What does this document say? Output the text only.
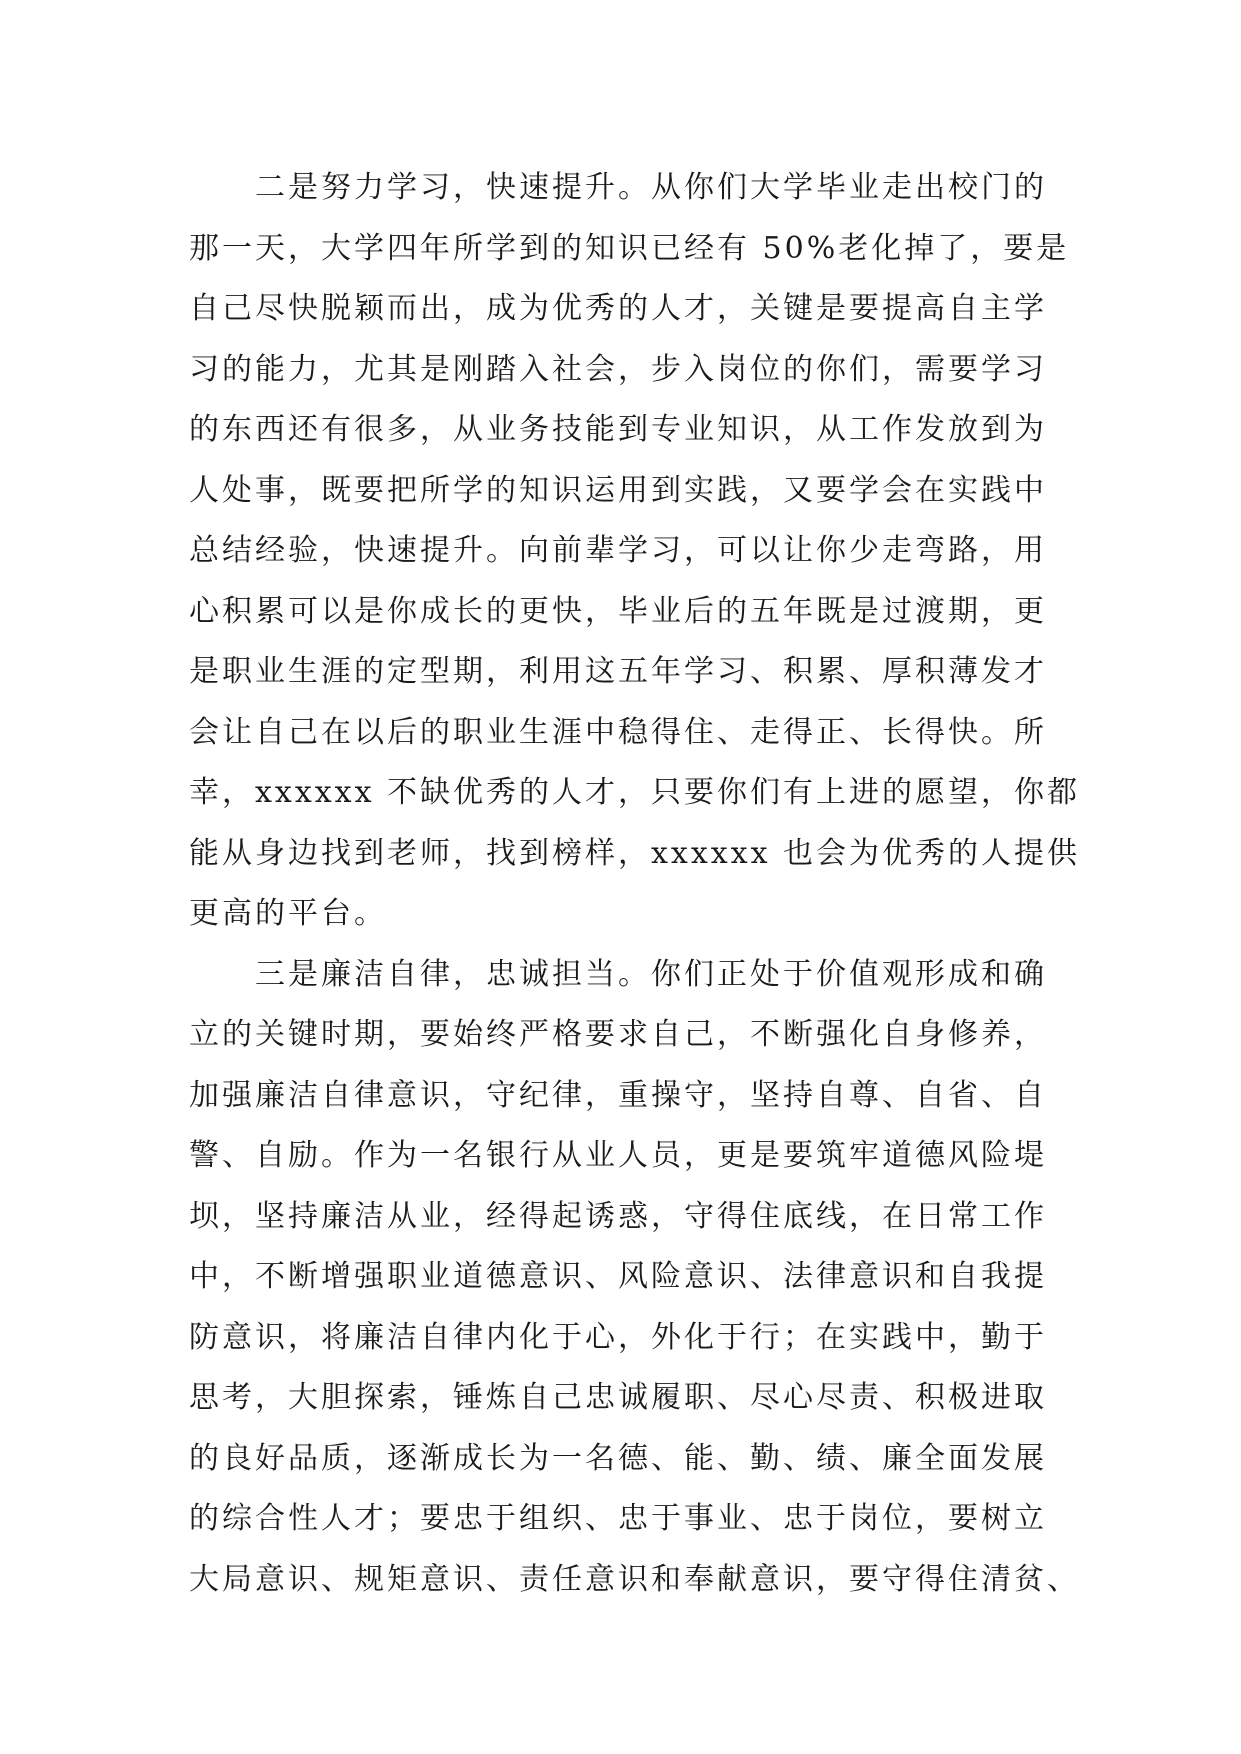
二是努力学习，快速提升。从你们大学毕业走出校门的
那一天，大学四年所学到的知识已经有 50%老化掉了，要是
自己尽快脱颖而出，成为优秀的人才，关键是要提高自主学
习的能力，尤其是刚踏入社会，步入岗位的你们，需要学习
的东西还有很多，从业务技能到专业知识，从工作发放到为
人处事，既要把所学的知识运用到实践，又要学会在实践中
总结经验，快速提升。向前辈学习，可以让你少走弯路，用
心积累可以是你成长的更快，毕业后的五年既是过渡期，更
是职业生涯的定型期，利用这五年学习、积累、厚积薄发才
会让自己在以后的职业生涯中稳得住、走得正、长得快。所
幸，xxxxxx 不缺优秀的人才，只要你们有上进的愿望，你都
能从身边找到老师，找到榜样，xxxxxx 也会为优秀的人提供
更高的平台。
三是廉洁自律，忠诚担当。你们正处于价值观形成和确
立的关键时期，要始终严格要求自己，不断强化自身修养，
加强廉洁自律意识，守纪律，重操守，坚持自尊、自省、自
警、自励。作为一名银行从业人员，更是要筑牢道德风险堤
坝，坚持廉洁从业，经得起诱惑，守得住底线，在日常工作
中，不断增强职业道德意识、风险意识、法律意识和自我提
防意识，将廉洁自律内化于心，外化于行；在实践中，勤于
思考，大胆探索，锤炼自己忠诚履职、尽心尽责、积极进取
的良好品质，逐渐成长为一名德、能、勤、绩、廉全面发展
的综合性人才；要忠于组织、忠于事业、忠于岗位，要树立
大局意识、规矩意识、责任意识和奉献意识，要守得住清贫、
